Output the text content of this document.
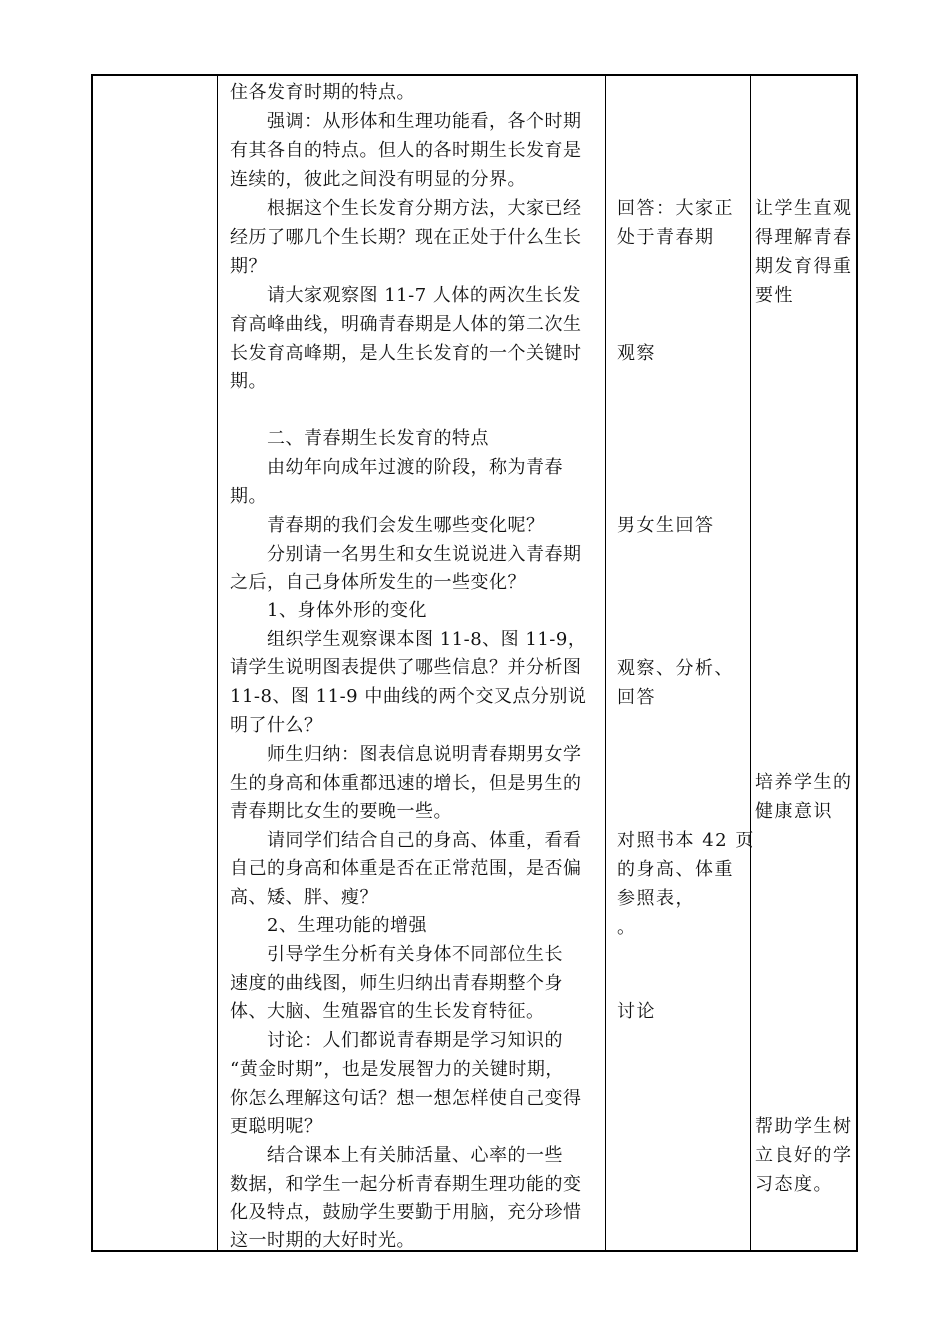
住各发育时期的特点。
　　强调：从形体和生理功能看，各个时期
有其各自的特点。但人的各时期生长发育是
连续的，彼此之间没有明显的分界。
　　根据这个生长发育分期方法，大家已经
经历了哪几个生长期？现在正处于什么生长
期？
　　请大家观察图 11-7 人体的两次生长发
育高峰曲线，明确青春期是人体的第二次生
长发育高峰期，是人生长发育的一个关键时
期。
　　二、青春期生长发育的特点
　　由幼年向成年过渡的阶段，称为青春
期。
　　青春期的我们会发生哪些变化呢？
　　分别请一名男生和女生说说进入青春期
之后，自己身体所发生的一些变化？
　　1、身体外形的变化
　　组织学生观察课本图 11-8、图 11-9，
请学生说明图表提供了哪些信息？并分析图
11-8、图 11-9 中曲线的两个交叉点分别说
明了什么？
　　师生归纳：图表信息说明青春期男女学
生的身高和体重都迅速的增长，但是男生的
青春期比女生的要晚一些。
　　请同学们结合自己的身高、体重，看看
自己的身高和体重是否在正常范围，是否偏
高、矮、胖、瘦？
　　2、生理功能的增强
　　引导学生分析有关身体不同部位生长
速度的曲线图，师生归纳出青春期整个身
体、大脑、生殖器官的生长发育特征。
　　讨论：人们都说青春期是学习知识的
“黄金时期”，也是发展智力的关键时期，
你怎么理解这句话？想一想怎样使自己变得
更聪明呢？
　　结合课本上有关肺活量、心率的一些
数据，和学生一起分析青春期生理功能的变
化及特点，鼓励学生要勤于用脑，充分珍惜
这一时期的大好时光。
回答：大家正
处于青春期
观察
男女生回答
观察、分析、
回答
对照书本 42 页
的身高、体重
参照表，
。
讨论
让学生直观
得理解青春
期发育得重
要性
培养学生的
健康意识
帮助学生树
立良好的学
习态度。
